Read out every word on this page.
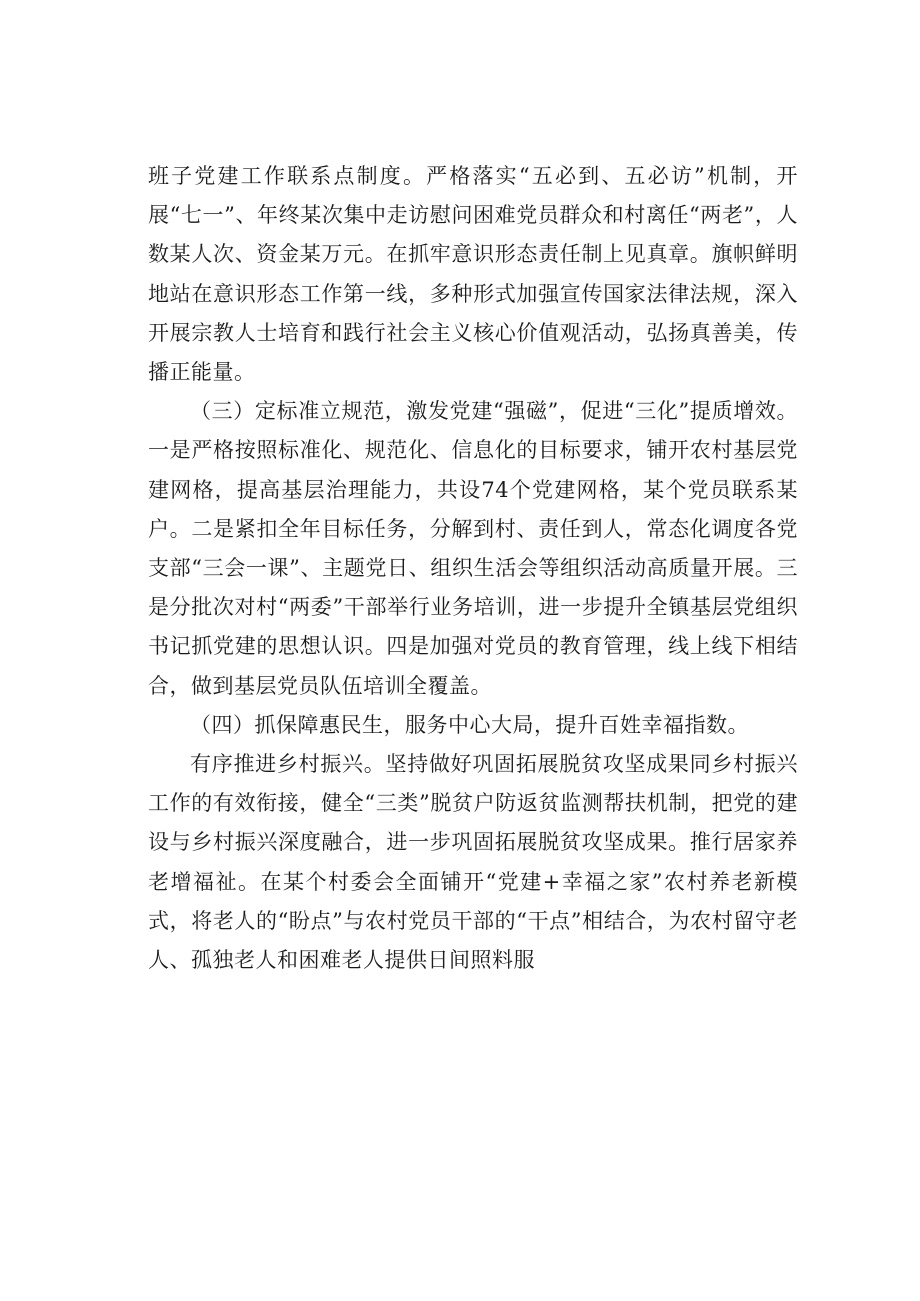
班子党建工作联系点制度。严格落实“五必到、五必访”机制，开展“七一”、年终某次集中走访慰问困难党员群众和村离任“两老”，人数某人次、资金某万元。在抓牢意识形态责任制上见真章。旗帜鲜明地站在意识形态工作第一线，多种形式加强宣传国家法律法规，深入开展宗教人士培育和践行社会主义核心价值观活动，弘扬真善美，传播正能量。

（三）定标准立规范，激发党建“强磁”，促进“三化”提质增效。一是严格按照标准化、规范化、信息化的目标要求，铺开农村基层党建网格，提高基层治理能力，共设74个党建网格，某个党员联系某户。二是紧扣全年目标任务，分解到村、责任到人，常态化调度各党支部“三会一课”、主题党日、组织生活会等组织活动高质量开展。三是分批次对村“两委”干部举行业务培训，进一步提升全镇基层党组织书记抓党建的思想认识。四是加强对党员的教育管理，线上线下相结合，做到基层党员队伍培训全覆盖。

（四）抓保障惠民生，服务中心大局，提升百姓幸福指数。

有序推进乡村振兴。坚持做好巩固拓展脱贫攻坚成果同乡村振兴工作的有效衔接，健全“三类”脱贫户防返贫监测帮扶机制，把党的建设与乡村振兴深度融合，进一步巩固拓展脱贫攻坚成果。推行居家养老增福祉。在某个村委会全面铺开“党建+幸福之家”农村养老新模式，将老人的“盼点”与农村党员干部的“干点”相结合，为农村留守老人、孤独老人和困难老人提供日间照料服
